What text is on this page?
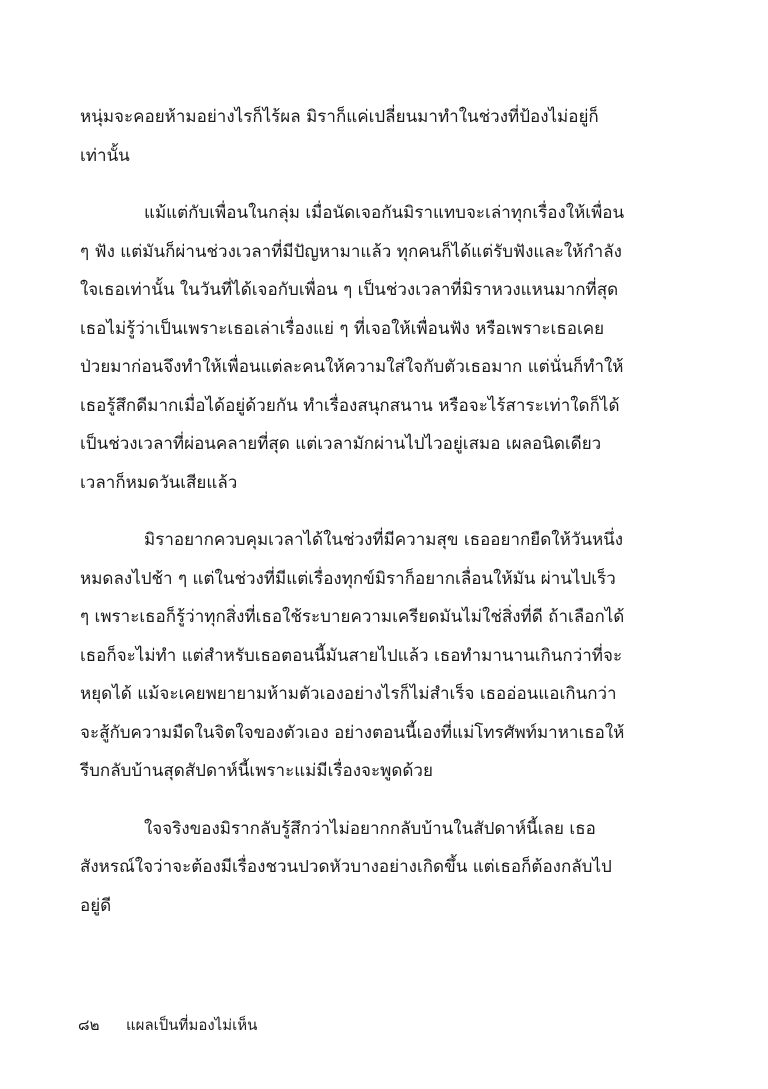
หนุ่มจะคอยห้ามอย่างไรก็ไร้ผล มิราก็แค่เปลี่ยนมาทำในช่วงที่ป้องไม่อยู่ก็
เท่านั้น

แม้แต่กับเพื่อนในกลุ่ม เมื่อนัดเจอกันมิราแทบจะเล่าทุกเรื่องให้เพื่อน
ๆ ฟัง แต่มันก็ผ่านช่วงเวลาที่มีปัญหามาแล้ว ทุกคนก็ได้แต่รับฟังและให้กำลัง
ใจเธอเท่านั้น ในวันที่ได้เจอกับเพื่อน ๆ เป็นช่วงเวลาที่มิราหวงแหนมากที่สุด
เธอไม่รู้ว่าเป็นเพราะเธอเล่าเรื่องแย่ ๆ ที่เจอให้เพื่อนฟัง หรือเพราะเธอเคย
ป่วยมาก่อนจึงทำให้เพื่อนแต่ละคนให้ความใส่ใจกับตัวเธอมาก แต่นั่นก็ทำให้
เธอรู้สึกดีมากเมื่อได้อยู่ด้วยกัน ทำเรื่องสนุกสนาน หรือจะไร้สาระเท่าใดก็ได้
เป็นช่วงเวลาที่ผ่อนคลายที่สุด แต่เวลามักผ่านไปไวอยู่เสมอ เผลอนิดเดียว
เวลาก็หมดวันเสียแล้ว

มิราอยากควบคุมเวลาได้ในช่วงที่มีความสุข เธออยากยืดให้วันหนึ่ง
หมดลงไปช้า ๆ แต่ในช่วงที่มีแต่เรื่องทุกข์มิราก็อยากเลื่อนให้มัน ผ่านไปเร็ว
ๆ เพราะเธอก็รู้ว่าทุกสิ่งที่เธอใช้ระบายความเครียดมันไม่ใช่สิ่งที่ดี ถ้าเลือกได้
เธอก็จะไม่ทำ แต่สำหรับเธอตอนนี้มันสายไปแล้ว เธอทำมานานเกินกว่าที่จะ
หยุดได้ แม้จะเคยพยายามห้ามตัวเองอย่างไรก็ไม่สำเร็จ เธออ่อนแอเกินกว่า
จะสู้กับความมืดในจิตใจของตัวเอง อย่างตอนนี้เองที่แม่โทรศัพท์มาหาเธอให้
รีบกลับบ้านสุดสัปดาห์นี้เพราะแม่มีเรื่องจะพูดด้วย

ใจจริงของมิรากลับรู้สึกว่าไม่อยากกลับบ้านในสัปดาห์นี้เลย เธอ
สังหรณ์ใจว่าจะต้องมีเรื่องชวนปวดหัวบางอย่างเกิดขึ้น แต่เธอก็ต้องกลับไป
อยู่ดี

๘๒ แผลเป็นที่มองไม่เห็น
